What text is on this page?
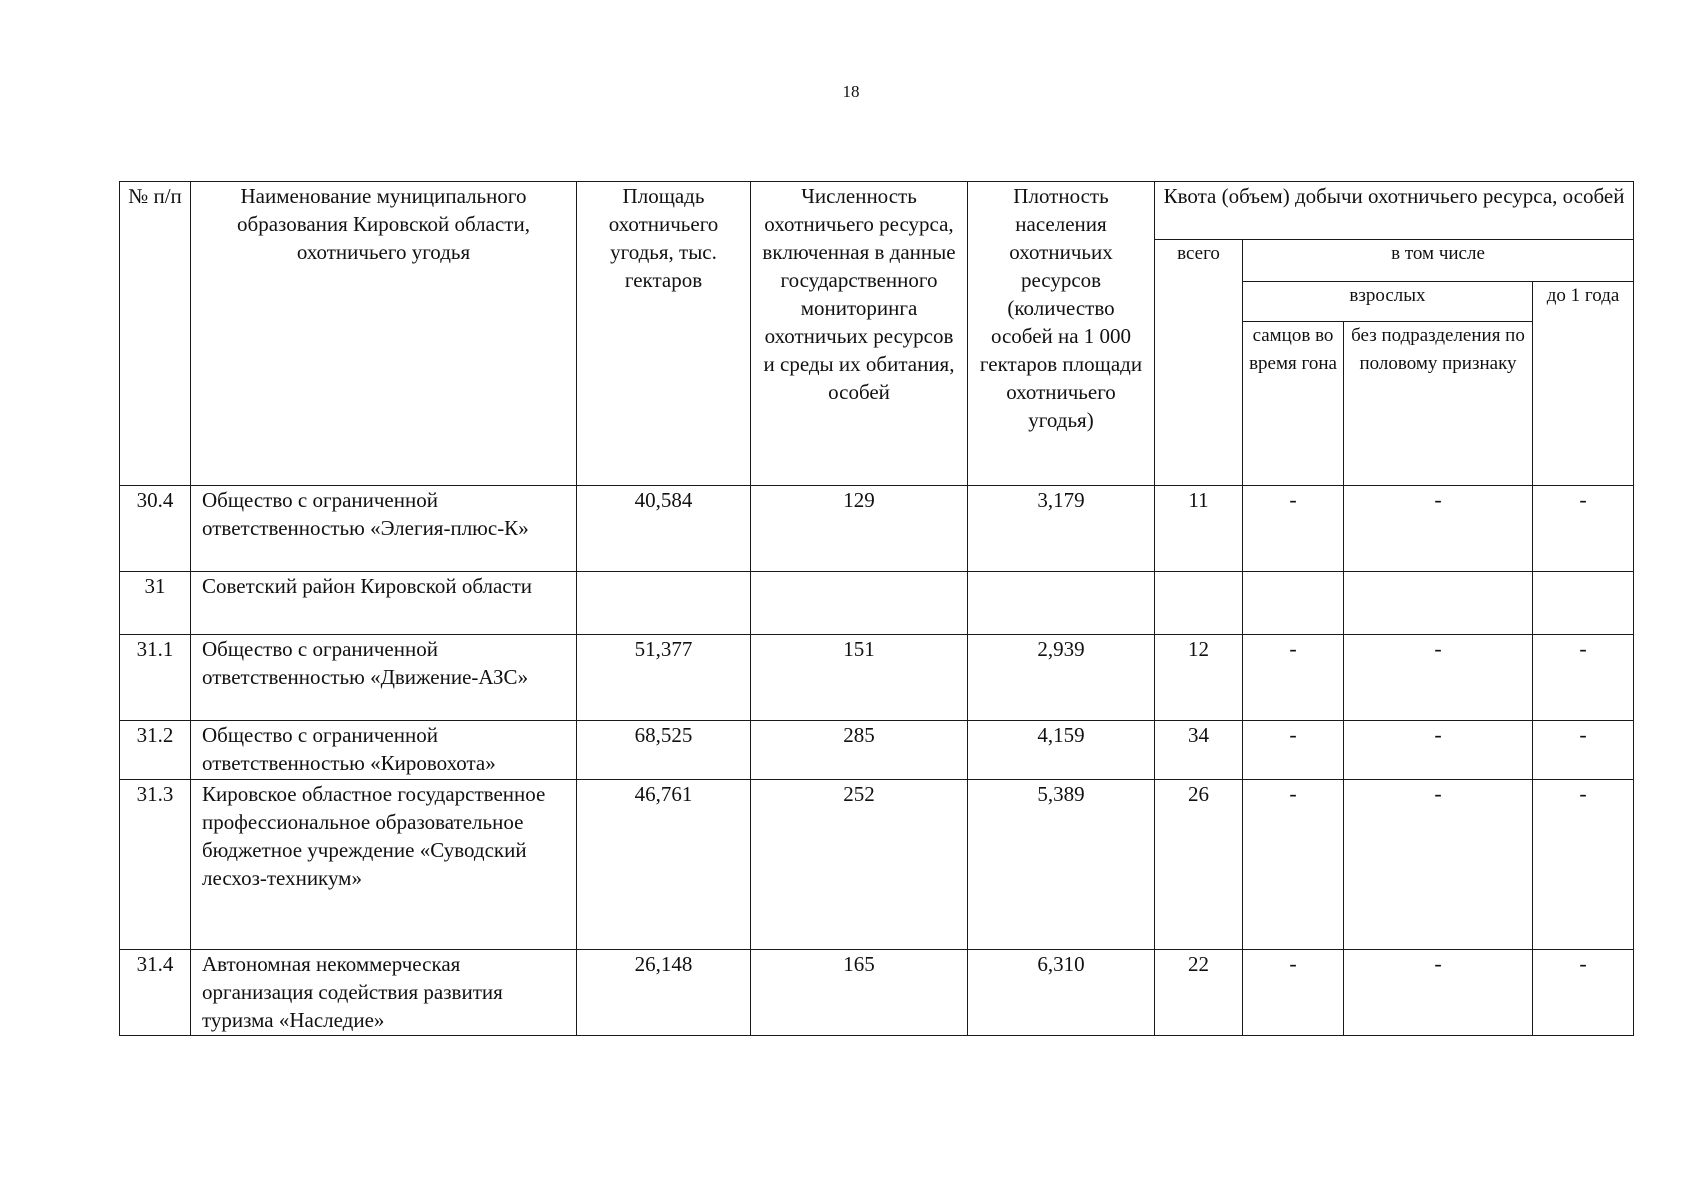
18
№ п/п	Наименование муниципального образования Кировской области, охотничьего угодья	Площадь охотничьего угодья, тыс. гектаров	Численность охотничьего ресурса, включенная в данные государственного мониторинга охотничьих ресурсов и среды их обитания, особей	Плотность населения охотничьих ресурсов (количество особей на 1 000 гектаров площади охотничьего угодья)	Квота (объем) добычи охотничьего ресурса, особей			
					всего	в том числе		
						взрослых		до 1 года
						самцов во время гона	без подразделения по половому признаку	
30.4	Общество с ограниченной ответственностью «Элегия-плюс-К»	40,584	129	3,179	11	-	-	-
31	Советский район Кировской области							
31.1	Общество с ограниченной ответственностью «Движение-АЗС»	51,377	151	2,939	12	-	-	-
31.2	Общество с ограниченной ответственностью «Кировохота»	68,525	285	4,159	34	-	-	-
31.3	Кировское областное государственное профессиональное образовательное бюджетное учреждение «Суводский лесхоз-техникум»	46,761	252	5,389	26	-	-	-
31.4	Автономная некоммерческая организация содействия развития туризма «Наследие»	26,148	165	6,310	22	-	-	-
